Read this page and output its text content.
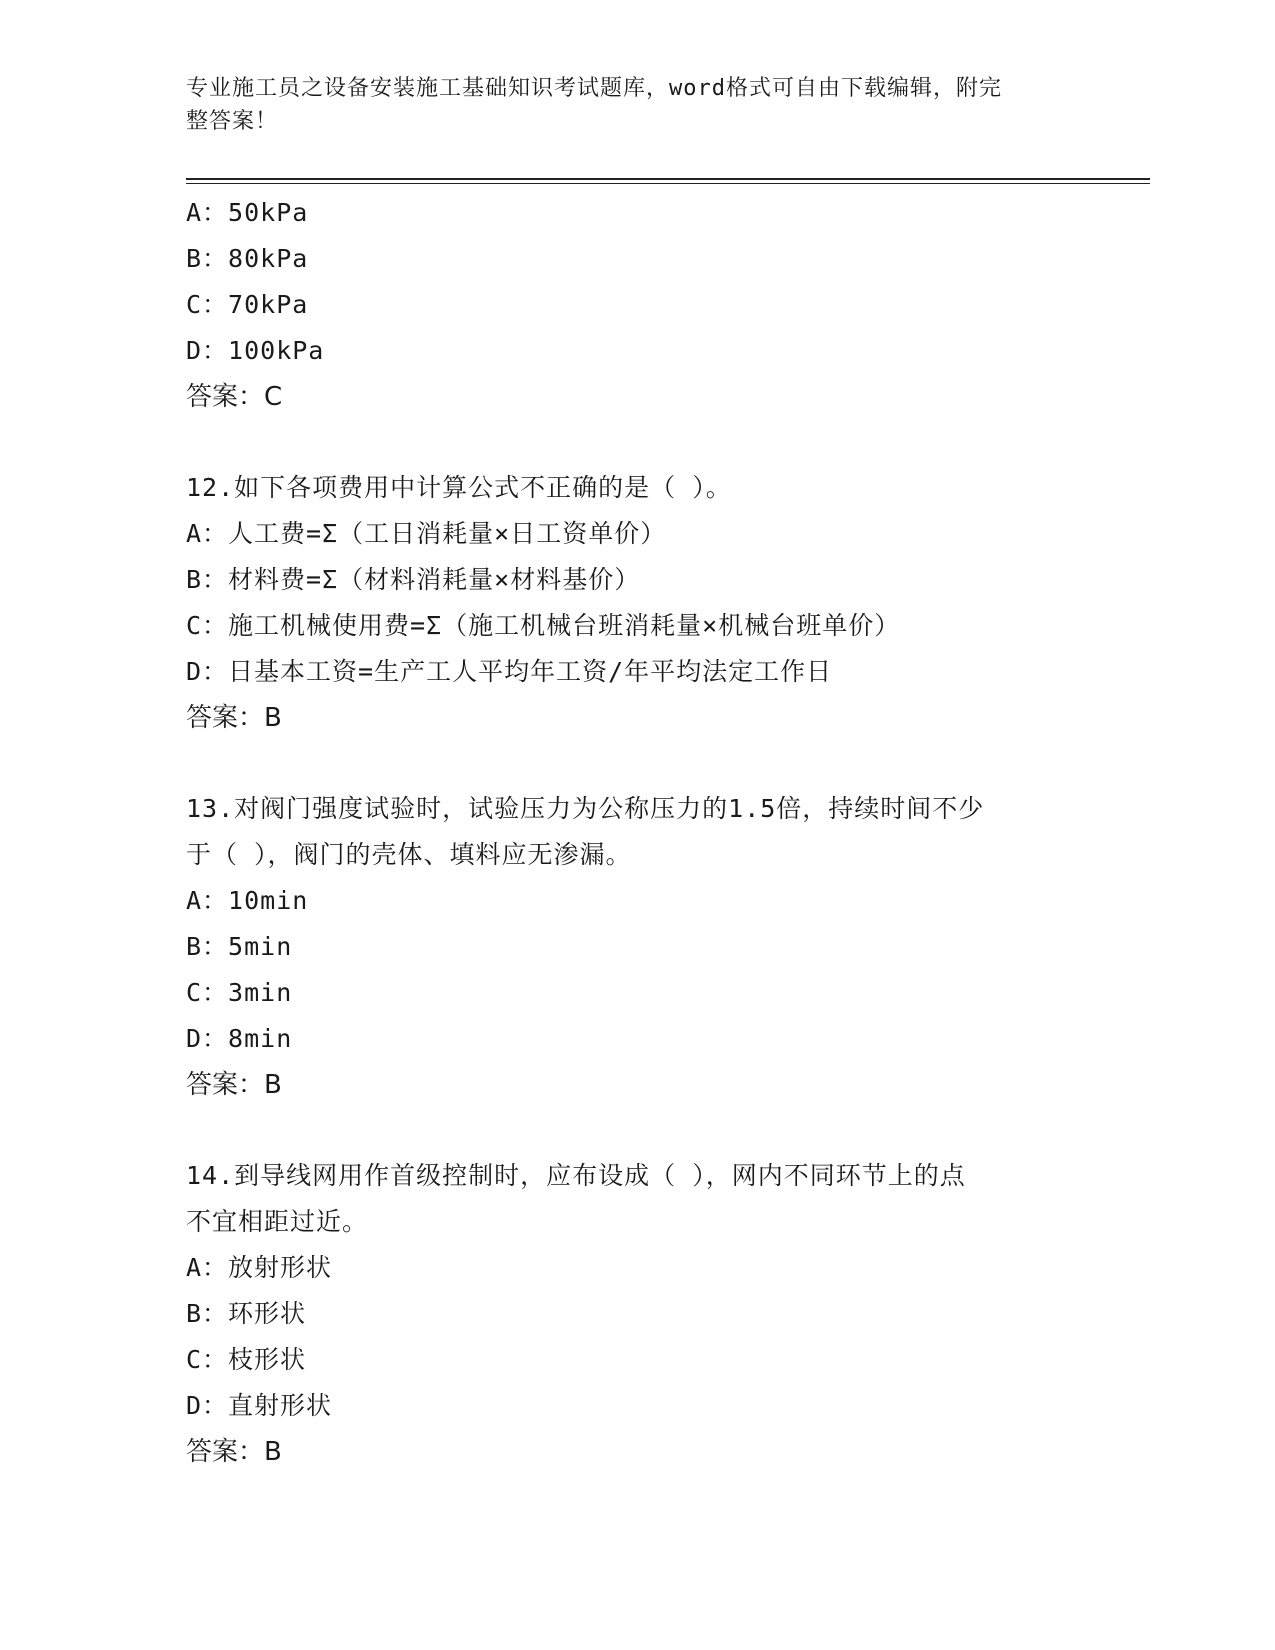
专业施工员之设备安装施工基础知识考试题库，word格式可自由下载编辑，附完
整答案！
A：50kPa
B：80kPa
C：70kPa
D：100kPa
答案：C
12.如下各项费用中计算公式不正确的是（ ）。
A：人工费=Σ（工日消耗量×日工资单价）
B：材料费=Σ（材料消耗量×材料基价）
C：施工机械使用费=Σ（施工机械台班消耗量×机械台班单价）
D：日基本工资=生产工人平均年工资/年平均法定工作日
答案：B
13.对阀门强度试验时，试验压力为公称压力的1.5倍，持续时间不少
于（ ），阀门的壳体、填料应无渗漏。
A：10min
B：5min
C：3min
D：8min
答案：B
14.到导线网用作首级控制时，应布设成（ ），网内不同环节上的点
不宜相距过近。
A：放射形状
B：环形状
C：枝形状
D：直射形状
答案：B
